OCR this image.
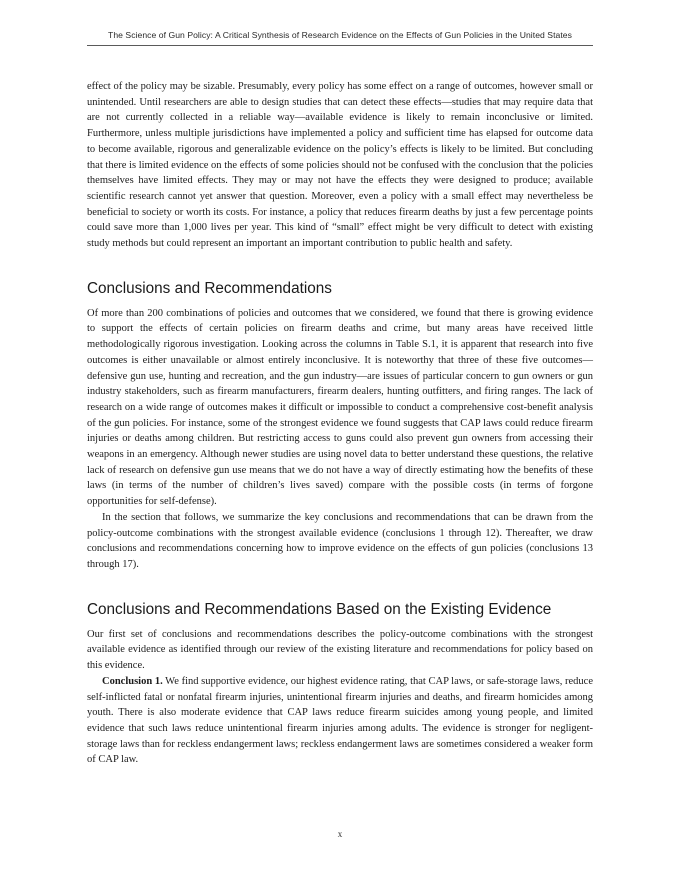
The Science of Gun Policy: A Critical Synthesis of Research Evidence on the Effects of Gun Policies in the United States

effect of the policy may be sizable. Presumably, every policy has some effect on a range of outcomes, however small or unintended. Until researchers are able to design studies that can detect these effects—studies that may require data that are not currently collected in a reliable way—available evidence is likely to remain inconclusive or limited. Furthermore, unless multiple jurisdictions have implemented a policy and sufficient time has elapsed for outcome data to become available, rigorous and generalizable evidence on the policy’s effects is likely to be limited. But concluding that there is limited evidence on the effects of some policies should not be confused with the conclusion that the policies themselves have limited effects. They may or may not have the effects they were designed to produce; available scientific research cannot yet answer that question. Moreover, even a policy with a small effect may nevertheless be beneficial to society or worth its costs. For instance, a policy that reduces firearm deaths by just a few percentage points could save more than 1,000 lives per year. This kind of “small” effect might be very difficult to detect with existing study methods but could represent an important an important contribution to public health and safety.

Conclusions and Recommendations

Of more than 200 combinations of policies and outcomes that we considered, we found that there is growing evidence to support the effects of certain policies on firearm deaths and crime, but many areas have received little methodologically rigorous investigation. Looking across the columns in Table S.1, it is apparent that research into five outcomes is either unavailable or almost entirely inconclusive. It is noteworthy that three of these five outcomes—defensive gun use, hunting and recreation, and the gun industry—are issues of particular concern to gun owners or gun industry stakeholders, such as firearm manufacturers, firearm dealers, hunting outfitters, and firing ranges. The lack of research on a wide range of outcomes makes it difficult or impossible to conduct a comprehensive cost-benefit analysis of the gun policies. For instance, some of the strongest evidence we found suggests that CAP laws could reduce firearm injuries or deaths among children. But restricting access to guns could also prevent gun owners from accessing their weapons in an emergency. Although newer studies are using novel data to better understand these questions, the relative lack of research on defensive gun use means that we do not have a way of directly estimating how the benefits of these laws (in terms of the number of children’s lives saved) compare with the possible costs (in terms of forgone opportunities for self-defense).

In the section that follows, we summarize the key conclusions and recommendations that can be drawn from the policy-outcome combinations with the strongest available evidence (conclusions 1 through 12). Thereafter, we draw conclusions and recommendations concerning how to improve evidence on the effects of gun policies (conclusions 13 through 17).

Conclusions and Recommendations Based on the Existing Evidence

Our first set of conclusions and recommendations describes the policy-outcome combinations with the strongest available evidence as identified through our review of the existing literature and recommendations for policy based on this evidence.

Conclusion 1. We find supportive evidence, our highest evidence rating, that CAP laws, or safe-storage laws, reduce self-inflicted fatal or nonfatal firearm injuries, unintentional firearm injuries and deaths, and firearm homicides among youth. There is also moderate evidence that CAP laws reduce firearm suicides among young people, and limited evidence that such laws reduce unintentional firearm injuries among adults. The evidence is stronger for negligent-storage laws than for reckless endangerment laws; reckless endangerment laws are sometimes considered a weaker form of CAP law.

x
